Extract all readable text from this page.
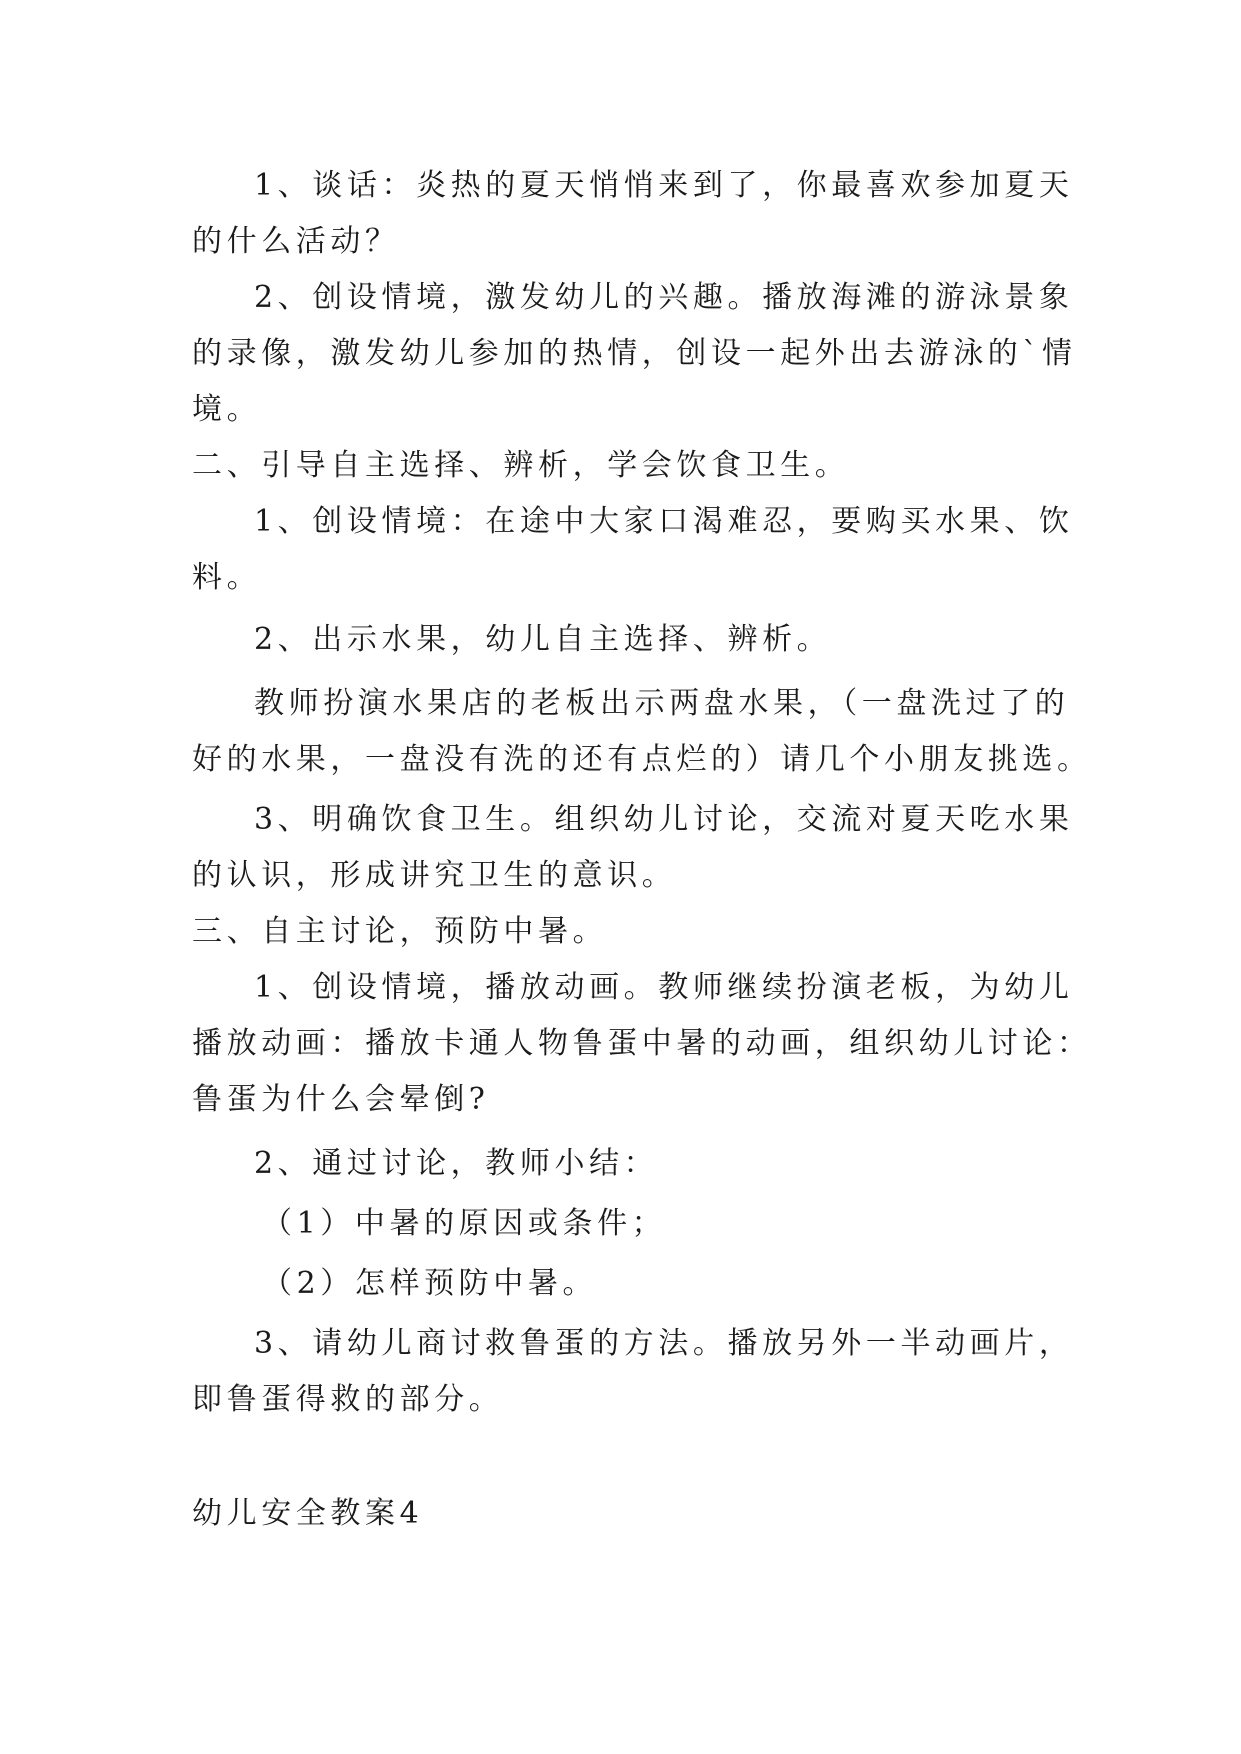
1、谈话：炎热的夏天悄悄来到了，你最喜欢参加夏天
的什么活动？
2、创设情境，激发幼儿的兴趣。播放海滩的游泳景象
的录像，激发幼儿参加的热情，创设一起外出去游泳的`情
境。
二、引导自主选择、辨析，学会饮食卫生。
1、创设情境：在途中大家口渴难忍，要购买水果、饮
料。
2、出示水果，幼儿自主选择、辨析。
教师扮演水果店的老板出示两盘水果，（一盘洗过了的
好的水果，一盘没有洗的还有点烂的）请几个小朋友挑选。
3、明确饮食卫生。组织幼儿讨论，交流对夏天吃水果
的认识，形成讲究卫生的意识。
三、自主讨论，预防中暑。
1、创设情境，播放动画。教师继续扮演老板，为幼儿
播放动画：播放卡通人物鲁蛋中暑的动画，组织幼儿讨论：
鲁蛋为什么会晕倒?
2、通过讨论，教师小结：
（1）中暑的原因或条件；
（2）怎样预防中暑。
3、请幼儿商讨救鲁蛋的方法。播放另外一半动画片，
即鲁蛋得救的部分。
幼儿安全教案4
